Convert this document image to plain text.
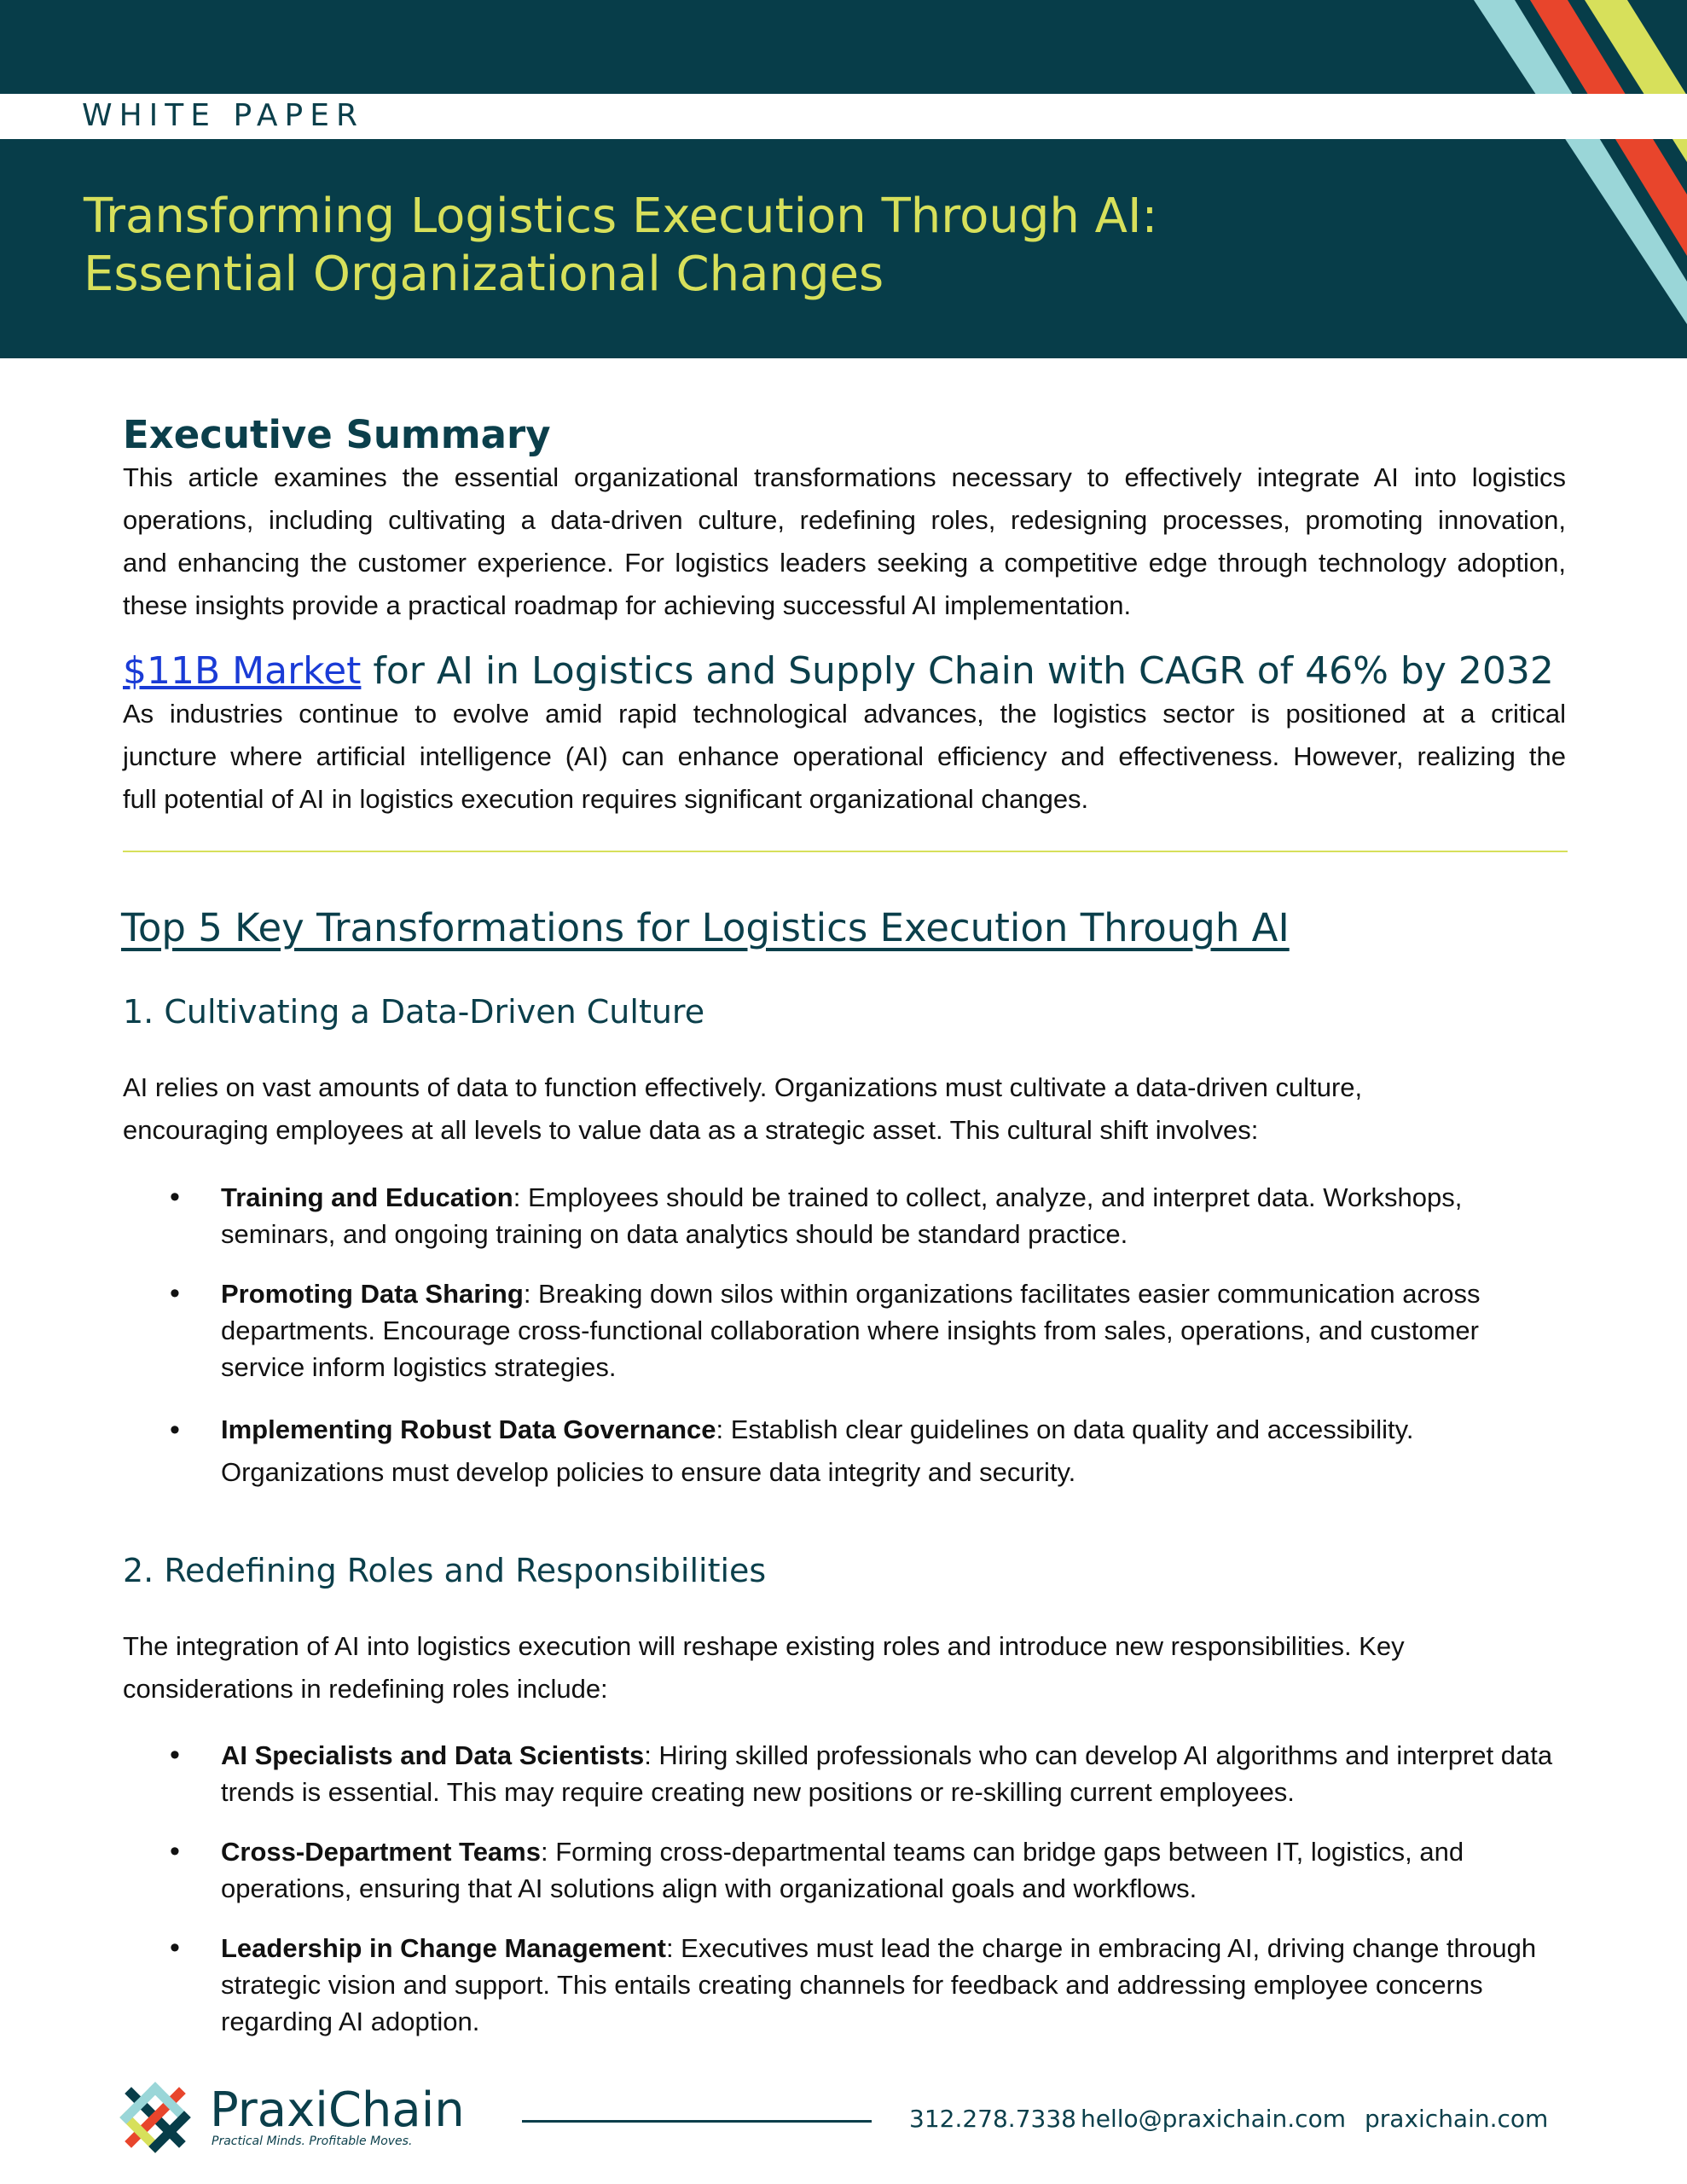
WHITE PAPER
Transforming Logistics Execution Through AI:
Essential Organizational Changes
Executive Summary
This article examines the essential organizational transformations necessary to effectively integrate AI into logistics
operations, including cultivating a data-driven culture, redefining roles, redesigning processes, promoting innovation,
and enhancing the customer experience. For logistics leaders seeking a competitive edge through technology adoption,
these insights provide a practical roadmap for achieving successful AI implementation.
$11B Market for AI in Logistics and Supply Chain with CAGR of 46% by 2032
As industries continue to evolve amid rapid technological advances, the logistics sector is positioned at a critical
juncture where artificial intelligence (AI) can enhance operational efficiency and effectiveness. However, realizing the
full potential of AI in logistics execution requires significant organizational changes.
Top 5 Key Transformations for Logistics Execution Through AI
1. Cultivating a Data-Driven Culture
AI relies on vast amounts of data to function effectively. Organizations must cultivate a data-driven culture,
encouraging employees at all levels to value data as a strategic asset. This cultural shift involves:
• Training and Education: Employees should be trained to collect, analyze, and interpret data. Workshops, seminars, and ongoing training on data analytics should be standard practice.
• Promoting Data Sharing: Breaking down silos within organizations facilitates easier communication across departments. Encourage cross-functional collaboration where insights from sales, operations, and customer service inform logistics strategies.
• Implementing Robust Data Governance: Establish clear guidelines on data quality and accessibility. Organizations must develop policies to ensure data integrity and security.
2. Redefining Roles and Responsibilities
The integration of AI into logistics execution will reshape existing roles and introduce new responsibilities. Key
considerations in redefining roles include:
• AI Specialists and Data Scientists: Hiring skilled professionals who can develop AI algorithms and interpret data trends is essential. This may require creating new positions or re-skilling current employees.
• Cross-Department Teams: Forming cross-departmental teams can bridge gaps between IT, logistics, and operations, ensuring that AI solutions align with organizational goals and workflows.
• Leadership in Change Management: Executives must lead the charge in embracing AI, driving change through strategic vision and support. This entails creating channels for feedback and addressing employee concerns regarding AI adoption.
PraxiChain
Practical Minds. Profitable Moves.
312.278.7338 hello@praxichain.com praxichain.com
